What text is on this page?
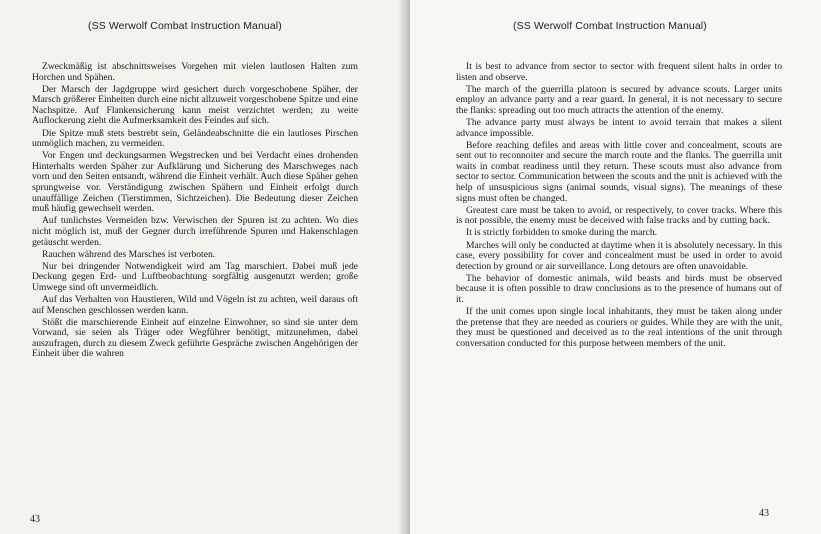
(SS Werwolf Combat Instruction Manual)

Zweckmäßig ist abschnittsweises Vorgehen mit vielen lautlosen Halten zum Horchen und Spähen.

Der Marsch der Jagdgruppe wird gesichert durch vorgeschobene Späher, der Marsch größerer Einheiten durch eine nicht allzuweit vorgeschobene Spitze und eine Nachspitze. Auf Flankensicherung kann meist verzichtet werden; zu weite Auflockerung zieht die Aufmerksamkeit des Feindes auf sich.

Die Spitze muß stets bestrebt sein, Geländeabschnitte die ein lautloses Pirschen unmöglich machen, zu vermeiden.

Vor Engen und deckungsarmen Wegstrecken und bei Verdacht eines drohenden Hinterhalts werden Späher zur Aufklärung und Sicherung des Marschweges nach vorn und den Seiten entsandt, während die Einheit verhält. Auch diese Späher gehen sprungweise vor. Verständigung zwischen Spähern und Einheit erfolgt durch unauffällige Zeichen (Tierstimmen, Sichtzeichen). Die Bedeutung dieser Zeichen muß häufig gewechselt werden.

Auf tunlichstes Vermeiden bzw. Verwischen der Spuren ist zu achten. Wo dies nicht möglich ist, muß der Gegner durch irreführende Spuren und Hakenschlagen getäuscht werden.

Rauchen während des Marsches ist verboten.

Nur bei dringender Notwendigkeit wird am Tag marschiert. Dabei muß jede Deckung gegen Erd- und Luftbeobachtung sorgfältig ausgenutzt werden; große Umwege sind oft unvermeidlich.

Auf das Verhalten von Haustieren, Wild und Vögeln ist zu achten, weil daraus oft auf Menschen geschlossen werden kann.

Stößt die marschierende Einheit auf einzelne Einwohner, so sind sie unter dem Vorwand, sie seien als Träger oder Wegführer benötigt, mitzunehmen, dabei auszufragen, durch zu diesem Zweck geführte Gespräche zwischen Angehörigen der Einheit über die wahren

43
(SS Werwolf Combat Instruction Manual)

It is best to advance from sector to sector with frequent silent halts in order to listen and observe.

The march of the guerrilla platoon is secured by advance scouts. Larger units employ an advance party and a rear guard. In general, it is not necessary to secure the flanks: spreading out too much attracts the attention of the enemy.

The advance party must always be intent to avoid terrain that makes a silent advance impossible.

Before reaching defiles and areas with little cover and concealment, scouts are sent out to reconnoiter and secure the march route and the flanks. The guerrilla unit waits in combat readiness until they return. These scouts must also advance from sector to sector. Communication between the scouts and the unit is achieved with the help of unsuspicious signs (animal sounds, visual signs). The meanings of these signs must often be changed.

Greatest care must be taken to avoid, or respectively, to cover tracks. Where this is not possible, the enemy must be deceived with false tracks and by cutting back.

It is strictly forbidden to smoke during the march.

Marches will only be conducted at daytime when it is absolutely necessary. In this case, every possibility for cover and concealment must be used in order to avoid detection by ground or air surveillance. Long detours are often unavoidable.

The behavior of domestic animals, wild beasts and birds must be observed because it is often possible to draw conclusions as to the presence of humans out of it.

If the unit comes upon single local inhabitants, they must be taken along under the pretense that they are needed as couriers or guides. While they are with the unit, they must be questioned and deceived as to the real intentions of the unit through conversation conducted for this purpose between members of the unit.

43
